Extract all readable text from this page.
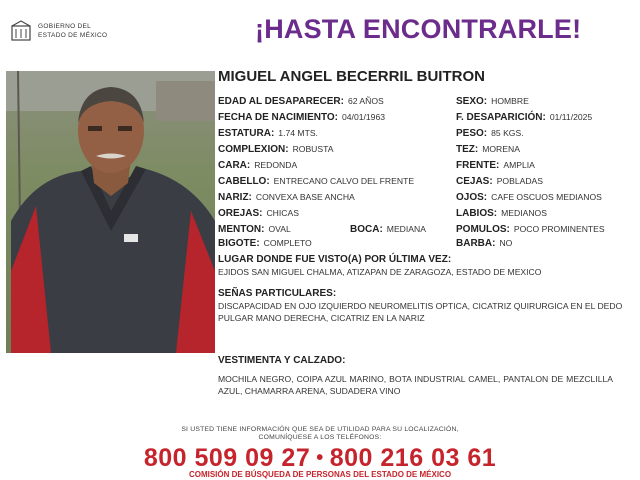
GOBIERNO DEL
ESTADO DE MÉXICO	¡HASTA ENCONTRARLE!
MIGUEL ANGEL BECERRIL BUITRON
EDAD AL DESAPARECER: 62 AÑOS
FECHA DE NACIMIENTO: 04/01/1963
ESTATURA: 1.74 MTS.
COMPLEXION: ROBUSTA
CARA: REDONDA
CABELLO: ENTRECANO CALVO DEL FRENTE
NARIZ: CONVEXA BASE ANCHA
OREJAS: CHICAS
MENTON: OVAL	BOCA: MEDIANA
BIGOTE: COMPLETO
SEXO: HOMBRE
F. DESAPARICIÓN: 01/11/2025
PESO: 85 KGS.
TEZ: MORENA
FRENTE: AMPLIA
CEJAS: POBLADAS
OJOS: CAFE OSCUOS MEDIANOS
LABIOS: MEDIANOS
POMULOS: POCO PROMINENTES
BARBA: NO
LUGAR DONDE FUE VISTO(A) POR ÚLTIMA VEZ:
EJIDOS SAN MIGUEL CHALMA, ATIZAPAN DE ZARAGOZA, ESTADO DE MEXICO
SEÑAS PARTICULARES:
DISCAPACIDAD EN OJO IZQUIERDO NEUROMELITIS OPTICA, CICATRIZ QUIRURGICA EN EL DEDO PULGAR MANO DERECHA, CICATRIZ EN LA NARIZ
VESTIMENTA Y CALZADO:
MOCHILA NEGRO, COIPA AZUL MARINO, BOTA INDUSTRIAL CAMEL, PANTALON DE MEZCLILLA AZUL, CHAMARRA ARENA, SUDADERA VINO
SI USTED TIENE INFORMACIÓN QUE SEA DE UTILIDAD PARA SU LOCALIZACIÓN,
COMUNÍQUESE A LOS TELÉFONOS:
800 509 09 27 • 800 216 03 61
COMISIÓN DE BÚSQUEDA DE PERSONAS DEL ESTADO DE MÉXICO
